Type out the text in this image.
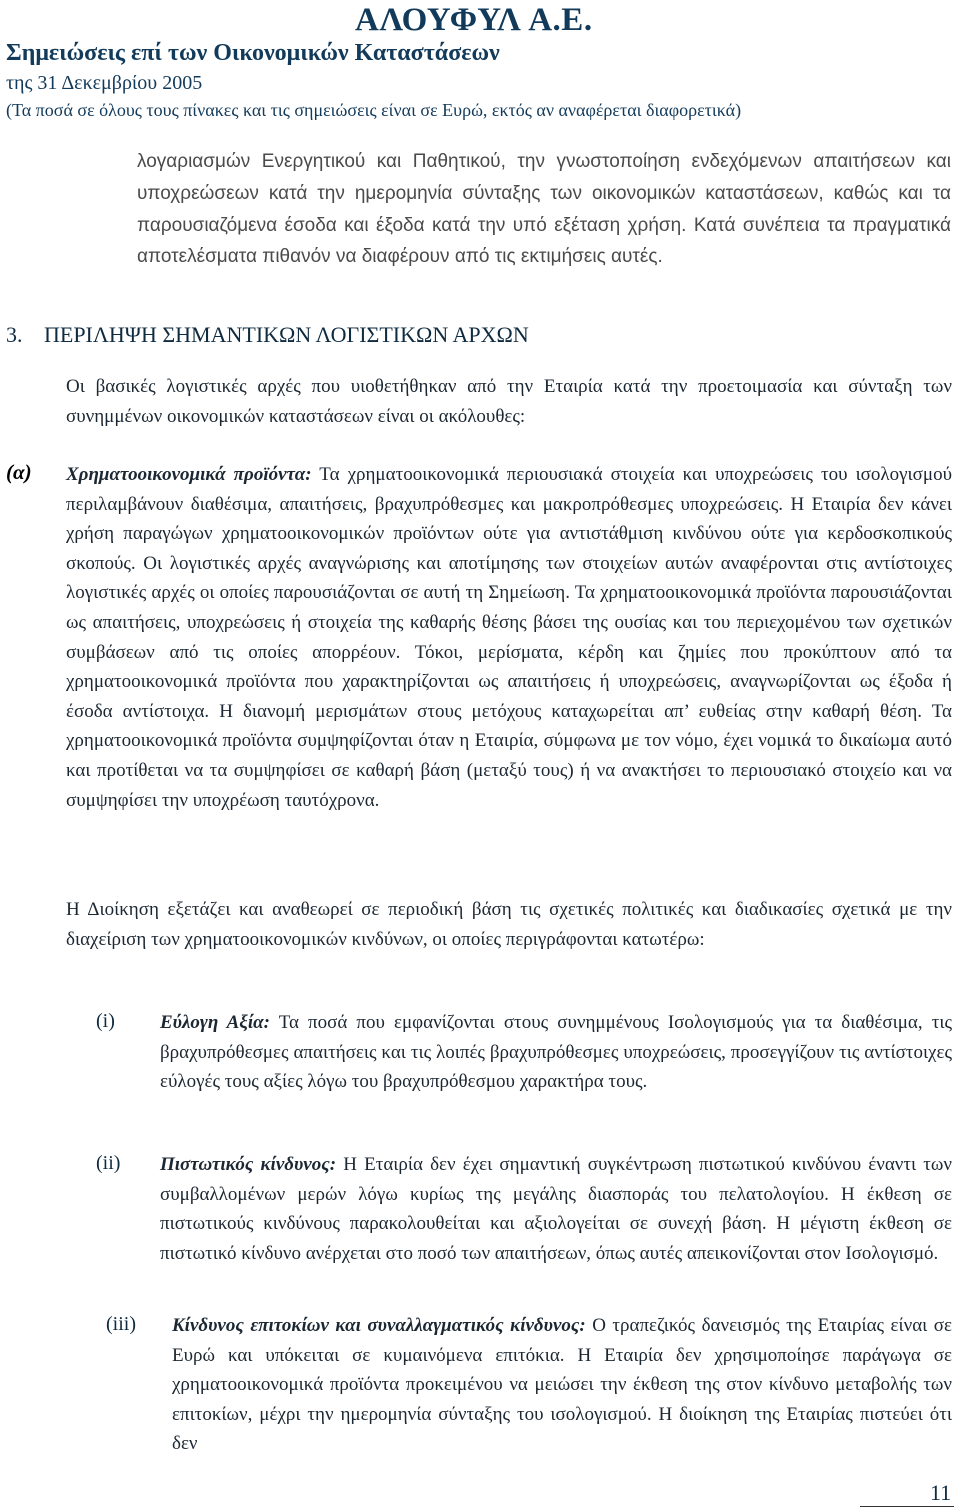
ΑΛΟΥΦΥΛ Α.Ε.
Σημειώσεις επί των Οικονομικών Καταστάσεων
της 31 Δεκεμβρίου 2005
(Τα ποσά σε όλους τους πίνακες και τις σημειώσεις είναι σε Ευρώ, εκτός αν αναφέρεται διαφορετικά)
λογαριασμών Ενεργητικού και Παθητικού, την γνωστοποίηση ενδεχόμενων απαιτήσεων και υποχρεώσεων κατά την ημερομηνία σύνταξης των οικονομικών καταστάσεων, καθώς και τα παρουσιαζόμενα έσοδα και έξοδα κατά την υπό εξέταση χρήση. Κατά συνέπεια τα πραγματικά αποτελέσματα πιθανόν να διαφέρουν από τις εκτιμήσεις αυτές.
3. ΠΕΡΙΛΗΨΗ ΣΗΜΑΝΤΙΚΩΝ ΛΟΓΙΣΤΙΚΩΝ ΑΡΧΩΝ
Οι βασικές λογιστικές αρχές που υιοθετήθηκαν από την Εταιρία κατά την προετοιμασία και σύνταξη των συνημμένων οικονομικών καταστάσεων είναι οι ακόλουθες:
(α) Χρηματοοικονομικά προϊόντα: Τα χρηματοοικονομικά περιουσιακά στοιχεία και υποχρεώσεις του ισολογισμού περιλαμβάνουν διαθέσιμα, απαιτήσεις, βραχυπρόθεσμες και μακροπρόθεσμες υποχρεώσεις. Η Εταιρία δεν κάνει χρήση παραγώγων χρηματοοικονομικών προϊόντων ούτε για αντιστάθμιση κινδύνου ούτε για κερδοσκοπικούς σκοπούς. Οι λογιστικές αρχές αναγνώρισης και αποτίμησης των στοιχείων αυτών αναφέρονται στις αντίστοιχες λογιστικές αρχές οι οποίες παρουσιάζονται σε αυτή τη Σημείωση. Τα χρηματοοικονομικά προϊόντα παρουσιάζονται ως απαιτήσεις, υποχρεώσεις ή στοιχεία της καθαρής θέσης βάσει της ουσίας και του περιεχομένου των σχετικών συμβάσεων από τις οποίες απορρέουν. Τόκοι, μερίσματα, κέρδη και ζημίες που προκύπτουν από τα χρηματοοικονομικά προϊόντα που χαρακτηρίζονται ως απαιτήσεις ή υποχρεώσεις, αναγνωρίζονται ως έξοδα ή έσοδα αντίστοιχα. Η διανομή μερισμάτων στους μετόχους καταχωρείται απ’ ευθείας στην καθαρή θέση. Τα χρηματοοικονομικά προϊόντα συμψηφίζονται όταν η Εταιρία, σύμφωνα με τον νόμο, έχει νομικά το δικαίωμα αυτό και προτίθεται να τα συμψηφίσει σε καθαρή βάση (μεταξύ τους) ή να ανακτήσει το περιουσιακό στοιχείο και να συμψηφίσει την υποχρέωση ταυτόχρονα.
Η Διοίκηση εξετάζει και αναθεωρεί σε περιοδική βάση τις σχετικές πολιτικές και διαδικασίες σχετικά με την διαχείριση των χρηματοοικονομικών κινδύνων, οι οποίες περιγράφονται κατωτέρω:
(i) Εύλογη Αξία: Τα ποσά που εμφανίζονται στους συνημμένους Ισολογισμούς για τα διαθέσιμα, τις βραχυπρόθεσμες απαιτήσεις και τις λοιπές βραχυπρόθεσμες υποχρεώσεις, προσεγγίζουν τις αντίστοιχες εύλογές τους αξίες λόγω του βραχυπρόθεσμου χαρακτήρα τους.
(ii) Πιστωτικός κίνδυνος: Η Εταιρία δεν έχει σημαντική συγκέντρωση πιστωτικού κινδύνου έναντι των συμβαλλομένων μερών λόγω κυρίως της μεγάλης διασποράς του πελατολογίου. Η έκθεση σε πιστωτικούς κινδύνους παρακολουθείται και αξιολογείται σε συνεχή βάση. Η μέγιστη έκθεση σε πιστωτικό κίνδυνο ανέρχεται στο ποσό των απαιτήσεων, όπως αυτές απεικονίζονται στον Ισολογισμό.
(iii) Κίνδυνος επιτοκίων και συναλλαγματικός κίνδυνος: Ο τραπεζικός δανεισμός της Εταιρίας είναι σε Ευρώ και υπόκειται σε κυμαινόμενα επιτόκια. Η Εταιρία δεν χρησιμοποίησε παράγωγα σε χρηματοοικονομικά προϊόντα προκειμένου να μειώσει την έκθεση της στον κίνδυνο μεταβολής των επιτοκίων, μέχρι την ημερομηνία σύνταξης του ισολογισμού. Η διοίκηση της Εταιρίας πιστεύει ότι δεν
11
